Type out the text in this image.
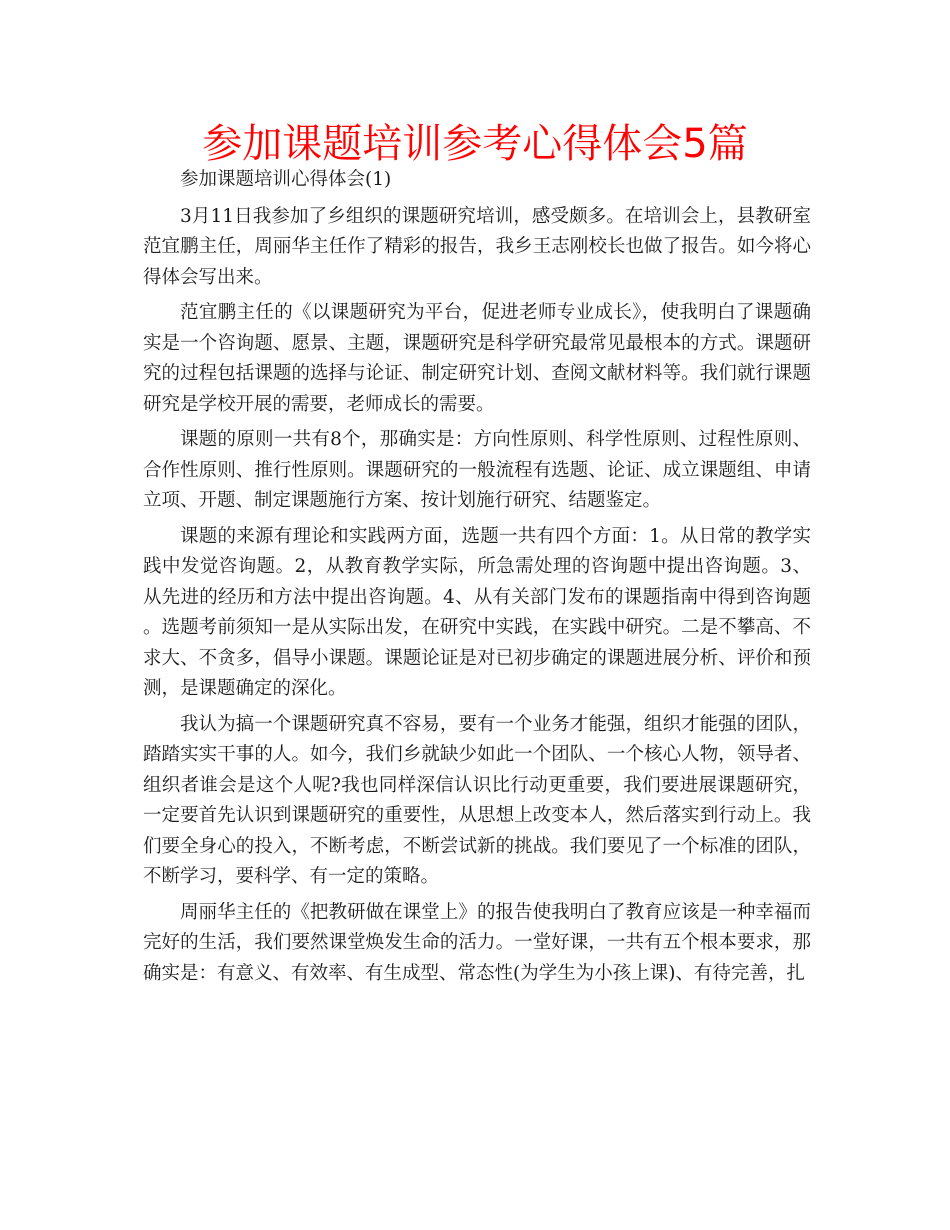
参加课题培训参考心得体会5篇

参加课题培训心得体会(1)

3月11日我参加了乡组织的课题研究培训，感受颇多。在培训会上，县教研室范宜鹏主任，周丽华主任作了精彩的报告，我乡王志刚校长也做了报告。如今将心得体会写出来。

范宜鹏主任的《以课题研究为平台，促进老师专业成长》，使我明白了课题确实是一个咨询题、愿景、主题，课题研究是科学研究最常见最根本的方式。课题研究的过程包括课题的选择与论证、制定研究计划、查阅文献材料等。我们就行课题研究是学校开展的需要，老师成长的需要。

课题的原则一共有8个，那确实是：方向性原则、科学性原则、过程性原则、合作性原则、推行性原则。课题研究的一般流程有选题、论证、成立课题组、申请立项、开题、制定课题施行方案、按计划施行研究、结题鉴定。

课题的来源有理论和实践两方面，选题一共有四个方面：1。从日常的教学实践中发觉咨询题。2，从教育教学实际，所急需处理的咨询题中提出咨询题。3、从先进的经历和方法中提出咨询题。4、从有关部门发布的课题指南中得到咨询题。选题考前须知一是从实际出发，在研究中实践，在实践中研究。二是不攀高、不求大、不贪多，倡导小课题。课题论证是对已初步确定的课题进展分析、评价和预测，是课题确定的深化。

我认为搞一个课题研究真不容易，要有一个业务才能强，组织才能强的团队，踏踏实实干事的人。如今，我们乡就缺少如此一个团队、一个核心人物，领导者、组织者谁会是这个人呢?我也同样深信认识比行动更重要，我们要进展课题研究，一定要首先认识到课题研究的重要性，从思想上改变本人，然后落实到行动上。我们要全身心的投入，不断考虑，不断尝试新的挑战。我们要见了一个标准的团队，不断学习，要科学、有一定的策略。

周丽华主任的《把教研做在课堂上》的报告使我明白了教育应该是一种幸福而完好的生活，我们要然课堂焕发生命的活力。一堂好课，一共有五个根本要求，那确实是：有意义、有效率、有生成型、常态性(为学生为小孩上课)、有待完善，扎
